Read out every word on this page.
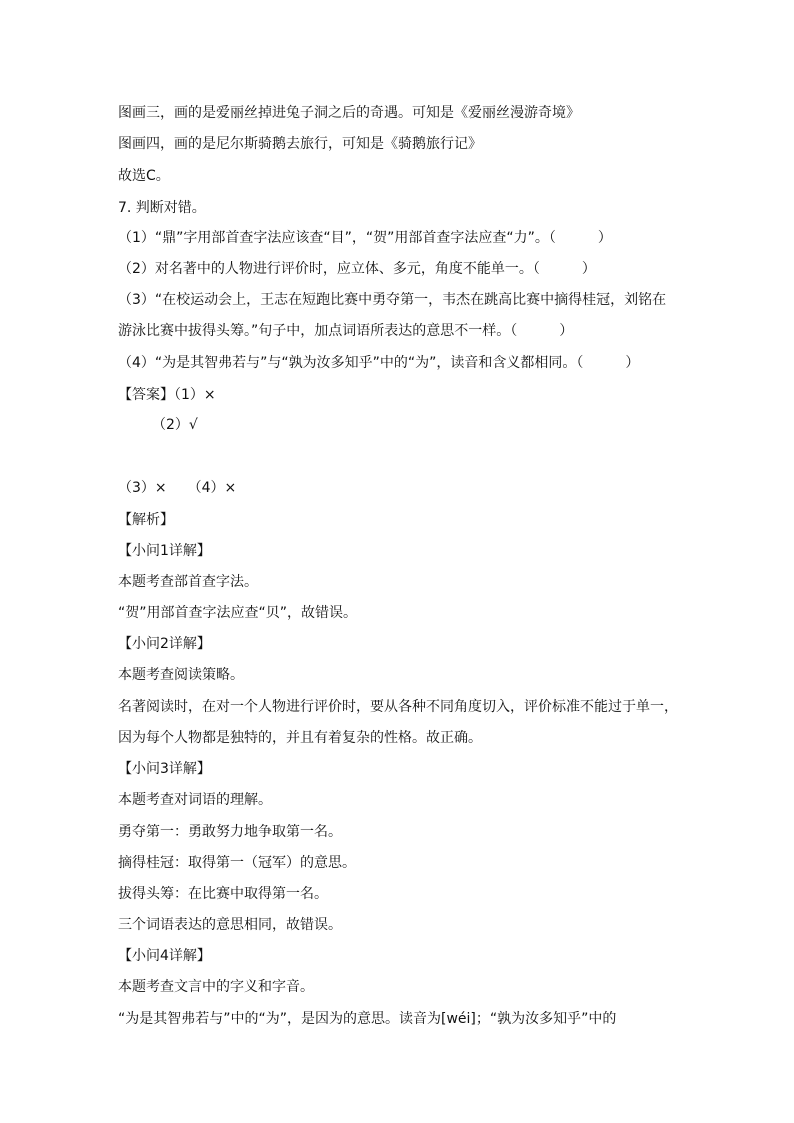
图画三，画的是爱丽丝掉进兔子洞之后的奇遇。可知是《爱丽丝漫游奇境》
图画四，画的是尼尔斯骑鹅去旅行，可知是《骑鹅旅行记》
故选C。
7. 判断对错。
（1）“鼎”字用部首查字法应该查“目”，“贺”用部首查字法应查“力”。（　　　）
（2）对名著中的人物进行评价时，应立体、多元，角度不能单一。（　　　）
（3）“在校运动会上，王志在短跑比赛中勇夺第一，韦杰在跳高比赛中摘得桂冠，刘铭在
游泳比赛中拔得头筹。”句子中，加点词语所表达的意思不一样。（　　　）
（4）“为是其智弗若与”与“孰为汝多知乎”中的“为”，读音和含义都相同。（　　　）
【答案】（1）×
（2）√
（3）×　　（4）×
【解析】
【小问1详解】
本题考查部首查字法。
“贺”用部首查字法应查“贝”，故错误。
【小问2详解】
本题考查阅读策略。
名著阅读时，在对一个人物进行评价时，要从各种不同角度切入，评价标准不能过于单一，
因为每个人物都是独特的，并且有着复杂的性格。故正确。
【小问3详解】
本题考查对词语的理解。
勇夺第一：勇敢努力地争取第一名。
摘得桂冠：取得第一（冠军）的意思。
拔得头筹：在比赛中取得第一名。
三个词语表达的意思相同，故错误。
【小问4详解】
本题考查文言中的字义和字音。
“为是其智弗若与”中的“为”，是因为的意思。读音为[wéi]；“孰为汝多知乎”中的
